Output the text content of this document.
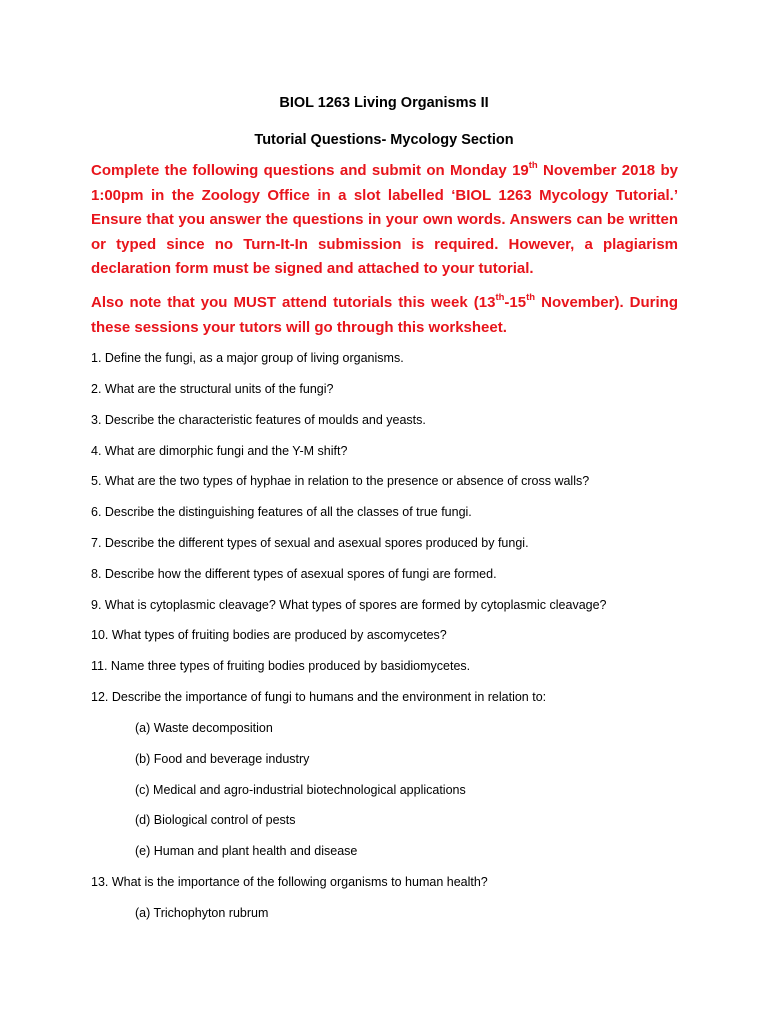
BIOL 1263 Living Organisms II
Tutorial Questions- Mycology Section
Complete the following questions and submit on Monday 19th November 2018 by 1:00pm in the Zoology Office in a slot labelled ‘BIOL 1263 Mycology Tutorial.’ Ensure that you answer the questions in your own words. Answers can be written or typed since no Turn-It-In submission is required. However, a plagiarism declaration form must be signed and attached to your tutorial.
Also note that you MUST attend tutorials this week (13th-15th November). During these sessions your tutors will go through this worksheet.
1. Define the fungi, as a major group of living organisms.
2. What are the structural units of the fungi?
3. Describe the characteristic features of moulds and yeasts.
4. What are dimorphic fungi and the Y-M shift?
5. What are the two types of hyphae in relation to the presence or absence of cross walls?
6. Describe the distinguishing features of all the classes of true fungi.
7. Describe the different types of sexual and asexual spores produced by fungi.
8. Describe how the different types of asexual spores of fungi are formed.
9. What is cytoplasmic cleavage? What types of spores are formed by cytoplasmic cleavage?
10. What types of fruiting bodies are produced by ascomycetes?
11. Name three types of fruiting bodies produced by basidiomycetes.
12. Describe the importance of fungi to humans and the environment in relation to:
(a) Waste decomposition
(b) Food and beverage industry
(c) Medical and agro-industrial biotechnological applications
(d) Biological control of pests
(e) Human and plant health and disease
13. What is the importance of the following organisms to human health?
(a) Trichophyton rubrum
